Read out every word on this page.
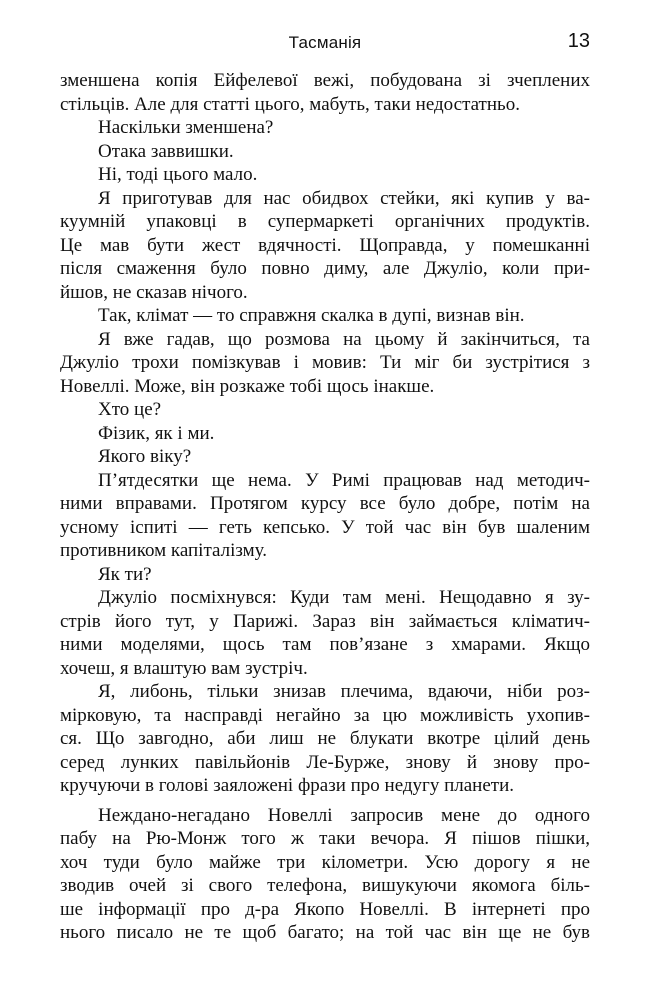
Тасманія	13
зменшена копія Ейфелевої вежі, побудована зі зчеплених
стільців. Але для статті цього, мабуть, таки недостатньо.
Наскільки зменшена?
Отака заввишки.
Ні, тоді цього мало.
Я приготував для нас обидвох стейки, які купив у ва-
куумній упаковці в супермаркеті органічних продуктів.
Це мав бути жест вдячності. Щоправда, у помешканні
після смаження було повно диму, але Джуліо, коли при-
йшов, не сказав нічого.
Так, клімат — то справжня скалка в дупі, визнав він.
Я вже гадав, що розмова на цьому й закінчиться, та
Джуліо трохи помізкував і мовив: Ти міг би зустрітися з
Новеллі. Може, він розкаже тобі щось інакше.
Хто це?
Фізик, як і ми.
Якого віку?
П’ятдесятки ще нема. У Римі працював над методич-
ними вправами. Протягом курсу все було добре, потім на
усному іспиті — геть кепсько. У той час він був шаленим
противником капіталізму.
Як ти?
Джуліо посміхнувся: Куди там мені. Нещодавно я зу-
стрів його тут, у Парижі. Зараз він займається кліматич-
ними моделями, щось там пов’язане з хмарами. Якщо
хочеш, я влаштую вам зустріч.
Я, либонь, тільки знизав плечима, вдаючи, ніби роз-
мірковую, та насправді негайно за цю можливість ухопив-
ся. Що завгодно, аби лиш не блукати вкотре цілий день
серед лунких павільйонів Ле-Бурже, знову й знову про-
кручуючи в голові заяложені фрази про недугу планети.
Неждано-негадано Новеллі запросив мене до одного
пабу на Рю-Монж того ж таки вечора. Я пішов пішки,
хоч туди було майже три кілометри. Усю дорогу я не
зводив очей зі свого телефона, вишукуючи якомога біль-
ше інформації про д-ра Якопо Новеллі. В інтернеті про
нього писало не те щоб багато; на той час він ще не був
